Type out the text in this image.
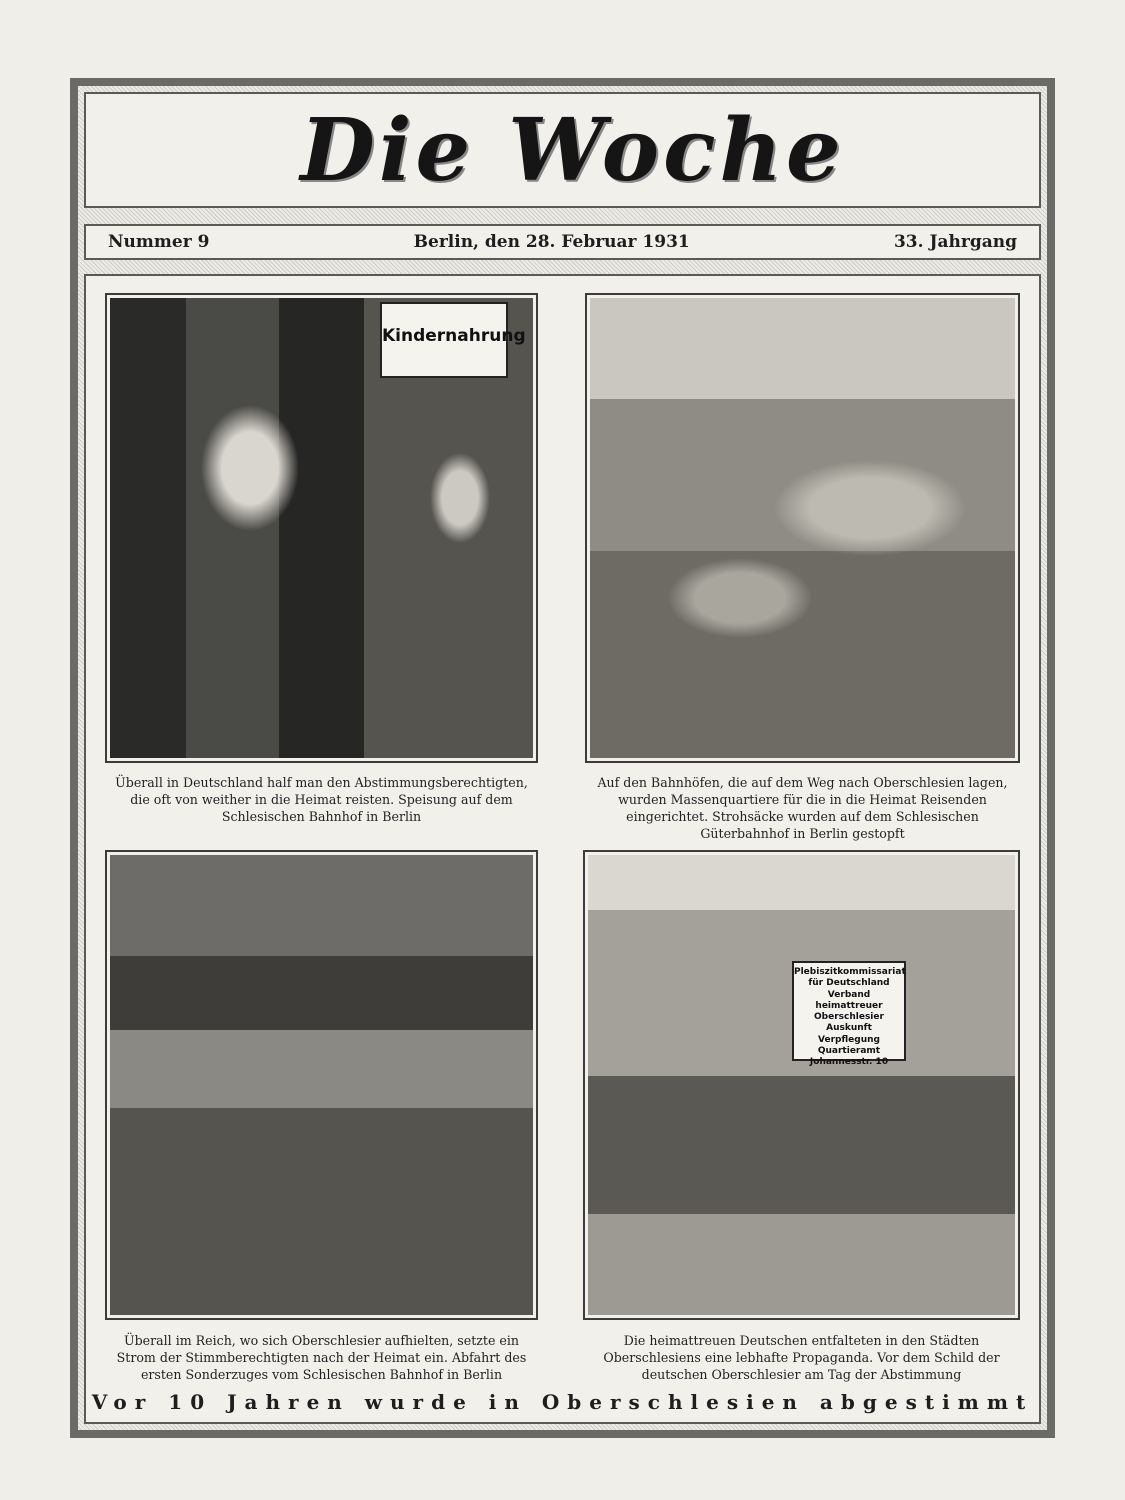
Die Woche
Nummer 9	Berlin, den 28. Februar 1931	33. Jahrgang
Kindernahrung
Überall in Deutschland half man den Abstimmungsberechtigten, die oft von weither in die Heimat reisten. Speisung auf dem Schlesischen Bahnhof in Berlin
Auf den Bahnhöfen, die auf dem Weg nach Oberschlesien lagen, wurden Massenquartiere für die in die Heimat Reisenden eingerichtet. Strohsäcke wurden auf dem Schlesischen Güterbahnhof in Berlin gestopft
Überall im Reich, wo sich Oberschlesier aufhielten, setzte ein Strom der Stimmberechtigten nach der Heimat ein. Abfahrt des ersten Sonderzuges vom Schlesischen Bahnhof in Berlin
Plebiszitkommissariat für Deutschland Verband heimattreuer Oberschlesier Auskunft Verpflegung Quartieramt Johannesstr. 10
Die heimattreuen Deutschen entfalteten in den Städten Oberschlesiens eine lebhafte Propaganda. Vor dem Schild der deutschen Oberschlesier am Tag der Abstimmung
Vor 10 Jahren wurde in Oberschlesien abgestimmt
